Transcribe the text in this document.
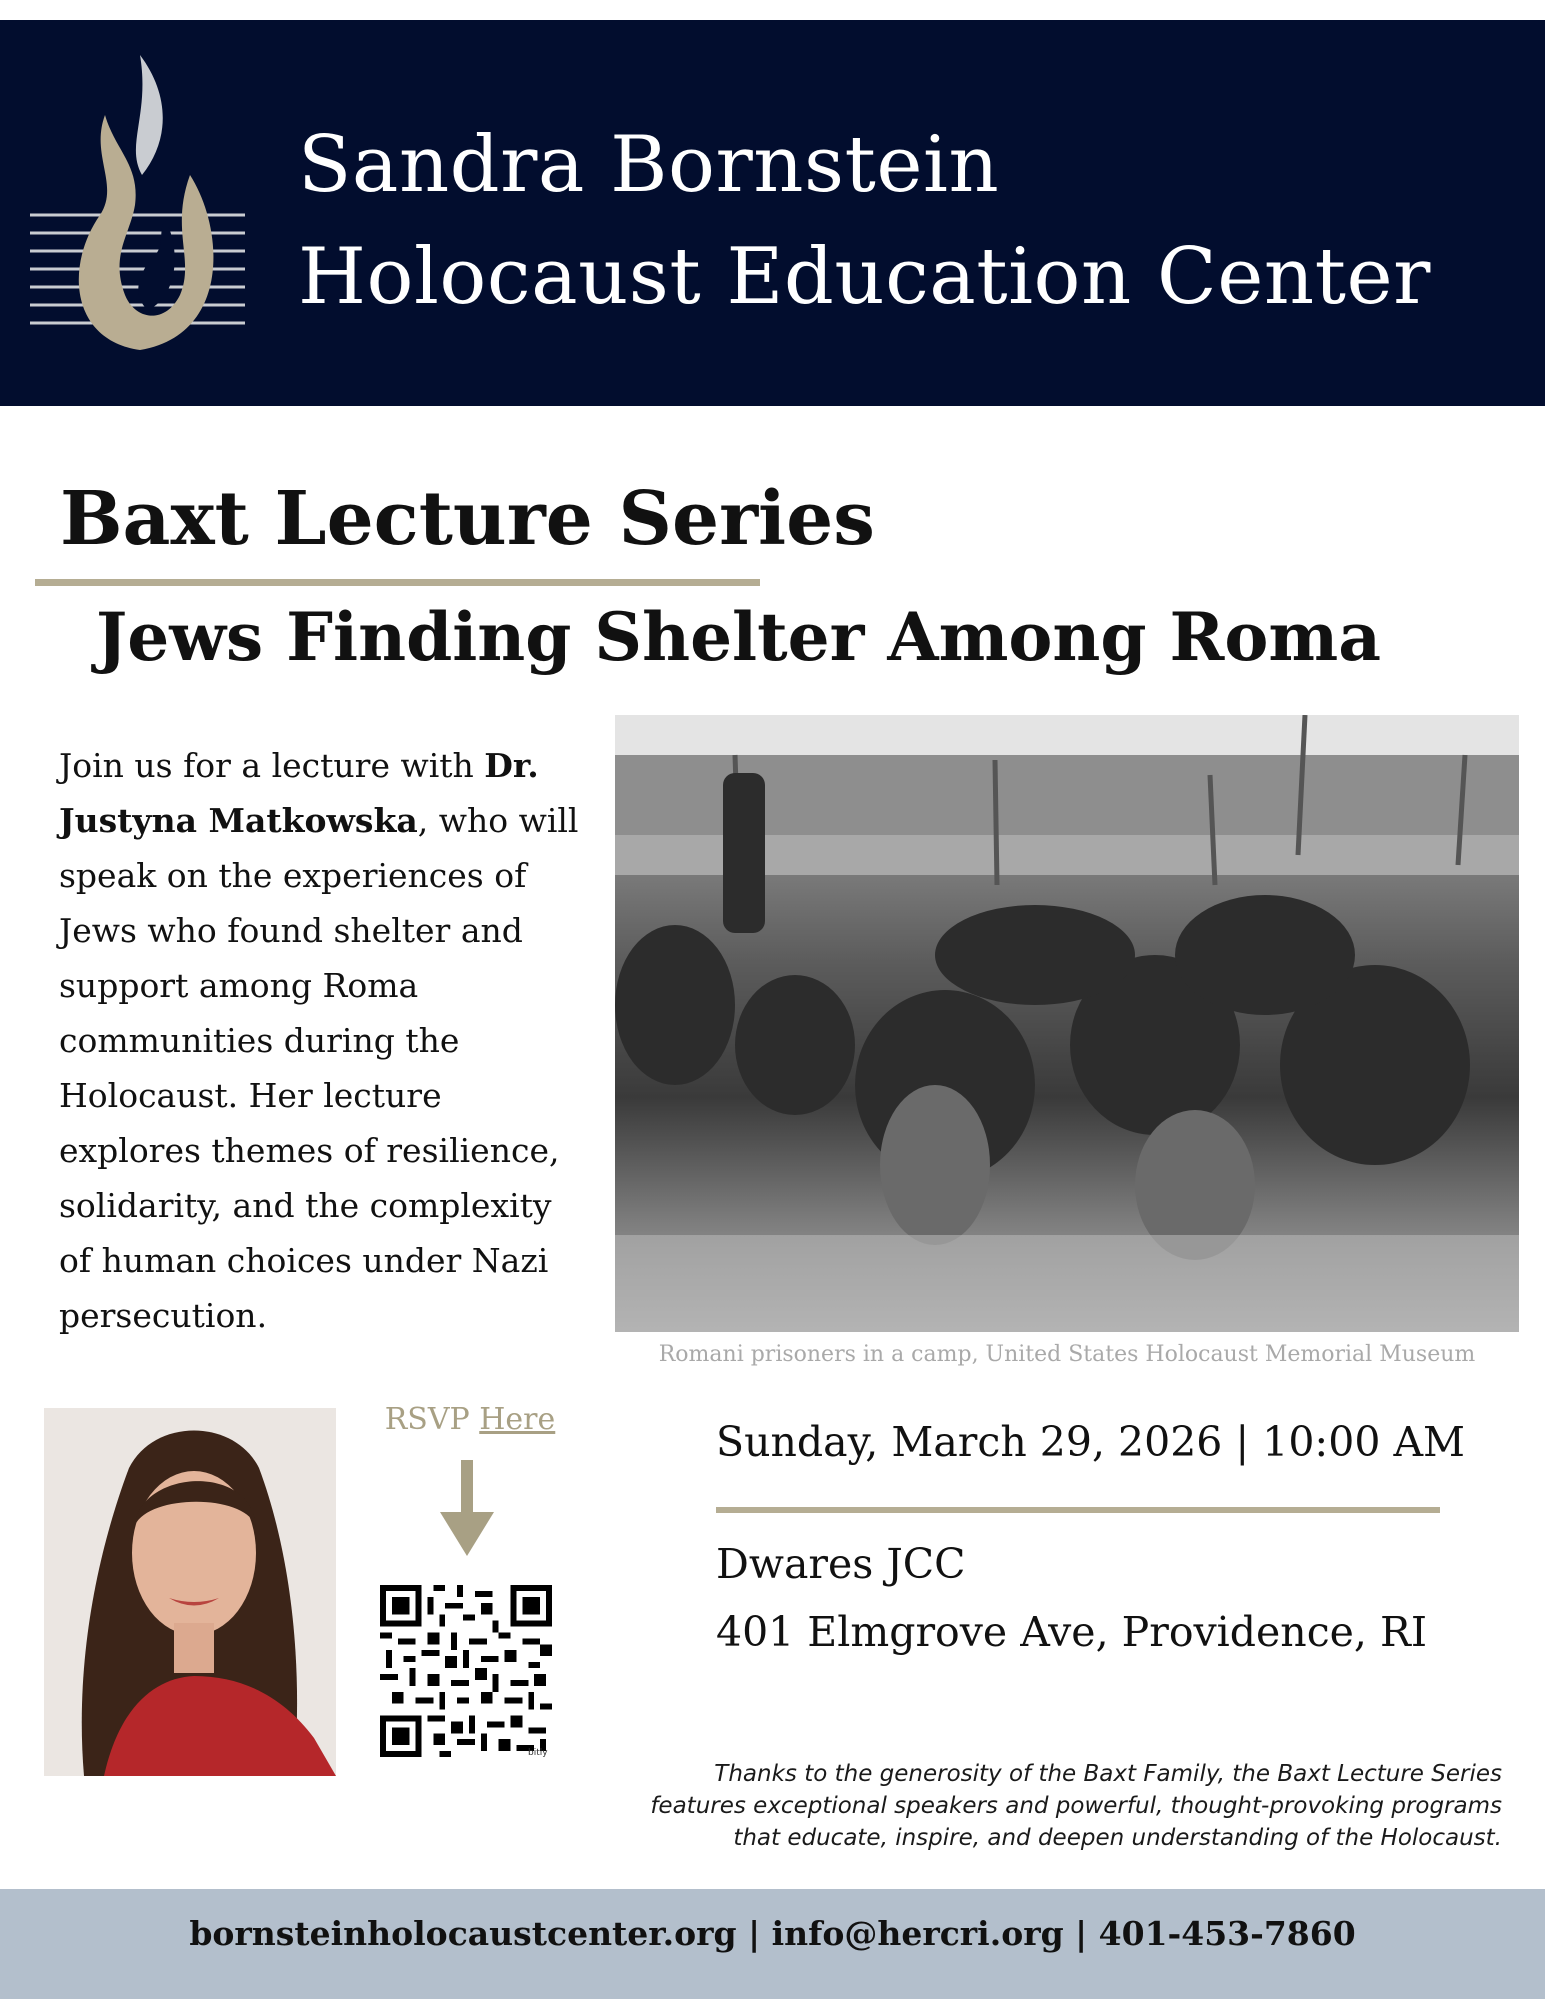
Sandra Bornstein
Holocaust Education Center
Baxt Lecture Series
Jews Finding Shelter Among Roma
Join us for a lecture with Dr. Justyna Matkowska, who will speak on the experiences of Jews who found shelter and support among Roma communities during the Holocaust. Her lecture explores themes of resilience, solidarity, and the complexity of human choices under Nazi persecution.
Romani prisoners in a camp, United States Holocaust Memorial Museum
RSVP Here
bitly
Sunday, March 29, 2026 | 10:00 AM
Dwares JCC
401 Elmgrove Ave, Providence, RI
Thanks to the generosity of the Baxt Family, the Baxt Lecture Series
features exceptional speakers and powerful, thought-provoking programs
that educate, inspire, and deepen understanding of the Holocaust.
bornsteinholocaustcenter.org | info@hercri.org | 401-453-7860
